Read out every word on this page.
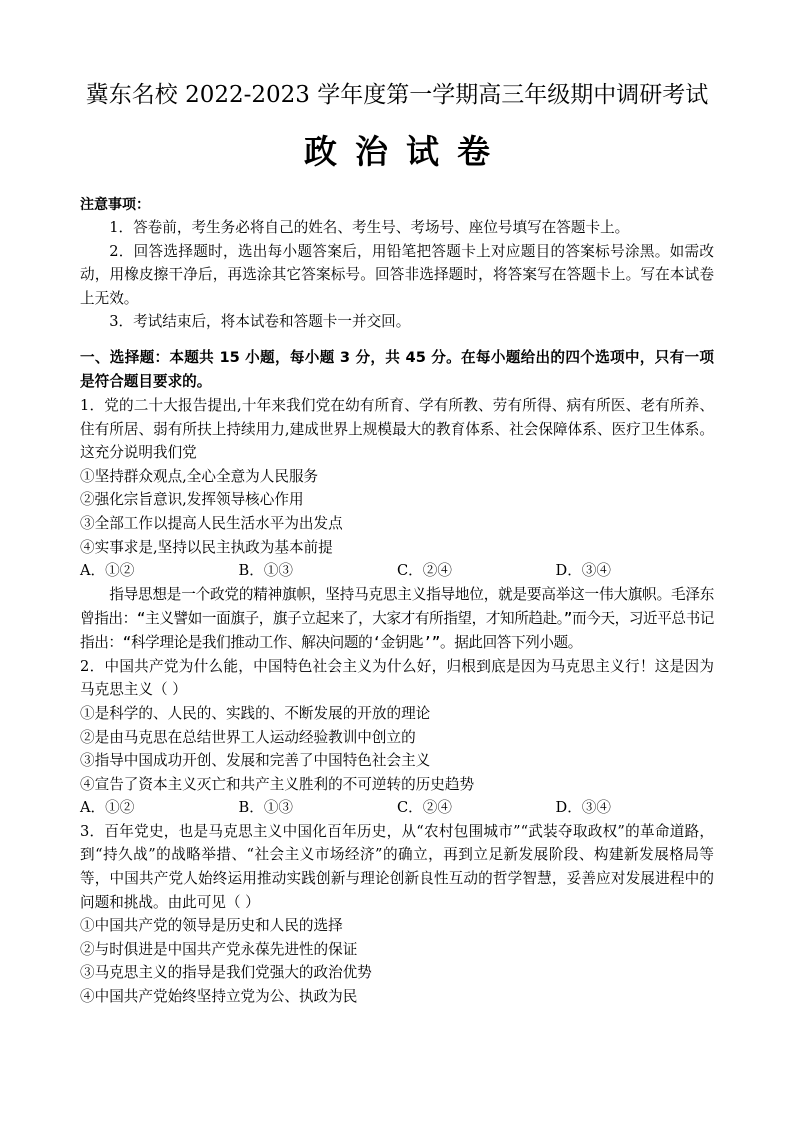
冀东名校 2022-2023 学年度第一学期高三年级期中调研考试
政治试卷
注意事项：
1．答卷前，考生务必将自己的姓名、考生号、考场号、座位号填写在答题卡上。
2．回答选择题时，选出每小题答案后，用铅笔把答题卡上对应题目的答案标号涂黑。如需改动，用橡皮擦干净后，再选涂其它答案标号。回答非选择题时，将答案写在答题卡上。写在本试卷上无效。
3．考试结束后，将本试卷和答题卡一并交回。
一、选择题：本题共 15 小题，每小题 3 分，共 45 分。在每小题给出的四个选项中，只有一项是符合题目要求的。
1．党的二十大报告提出,十年来我们党在幼有所育、学有所教、劳有所得、病有所医、老有所养、住有所居、弱有所扶上持续用力,建成世界上规模最大的教育体系、社会保障体系、医疗卫生体系。这充分说明我们党
①坚持群众观点,全心全意为人民服务
②强化宗旨意识,发挥领导核心作用
③全部工作以提高人民生活水平为出发点
④实事求是,坚持以民主执政为基本前提
A．①②	B．①③	C．②④	D．③④
指导思想是一个政党的精神旗帜，坚持马克思主义指导地位，就是要高举这一伟大旗帜。毛泽东曾指出：“主义譬如一面旗子，旗子立起来了，大家才有所指望，才知所趋赴。”而今天，习近平总书记指出：“科学理论是我们推动工作、解决问题的‘金钥匙’”。据此回答下列小题。
2．中国共产党为什么能，中国特色社会主义为什么好，归根到底是因为马克思主义行！这是因为马克思主义（ ）
①是科学的、人民的、实践的、不断发展的开放的理论
②是由马克思在总结世界工人运动经验教训中创立的
③指导中国成功开创、发展和完善了中国特色社会主义
④宣告了资本主义灭亡和共产主义胜利的不可逆转的历史趋势
A．①②	B．①③	C．②④	D．③④
3．百年党史，也是马克思主义中国化百年历史，从“农村包围城市”“武装夺取政权”的革命道路，到“持久战”的战略举措、“社会主义市场经济”的确立，再到立足新发展阶段、构建新发展格局等等，中国共产党人始终运用推动实践创新与理论创新良性互动的哲学智慧，妥善应对发展进程中的问题和挑战。由此可见（ ）
①中国共产党的领导是历史和人民的选择
②与时俱进是中国共产党永葆先进性的保证
③马克思主义的指导是我们党强大的政治优势
④中国共产党始终坚持立党为公、执政为民
